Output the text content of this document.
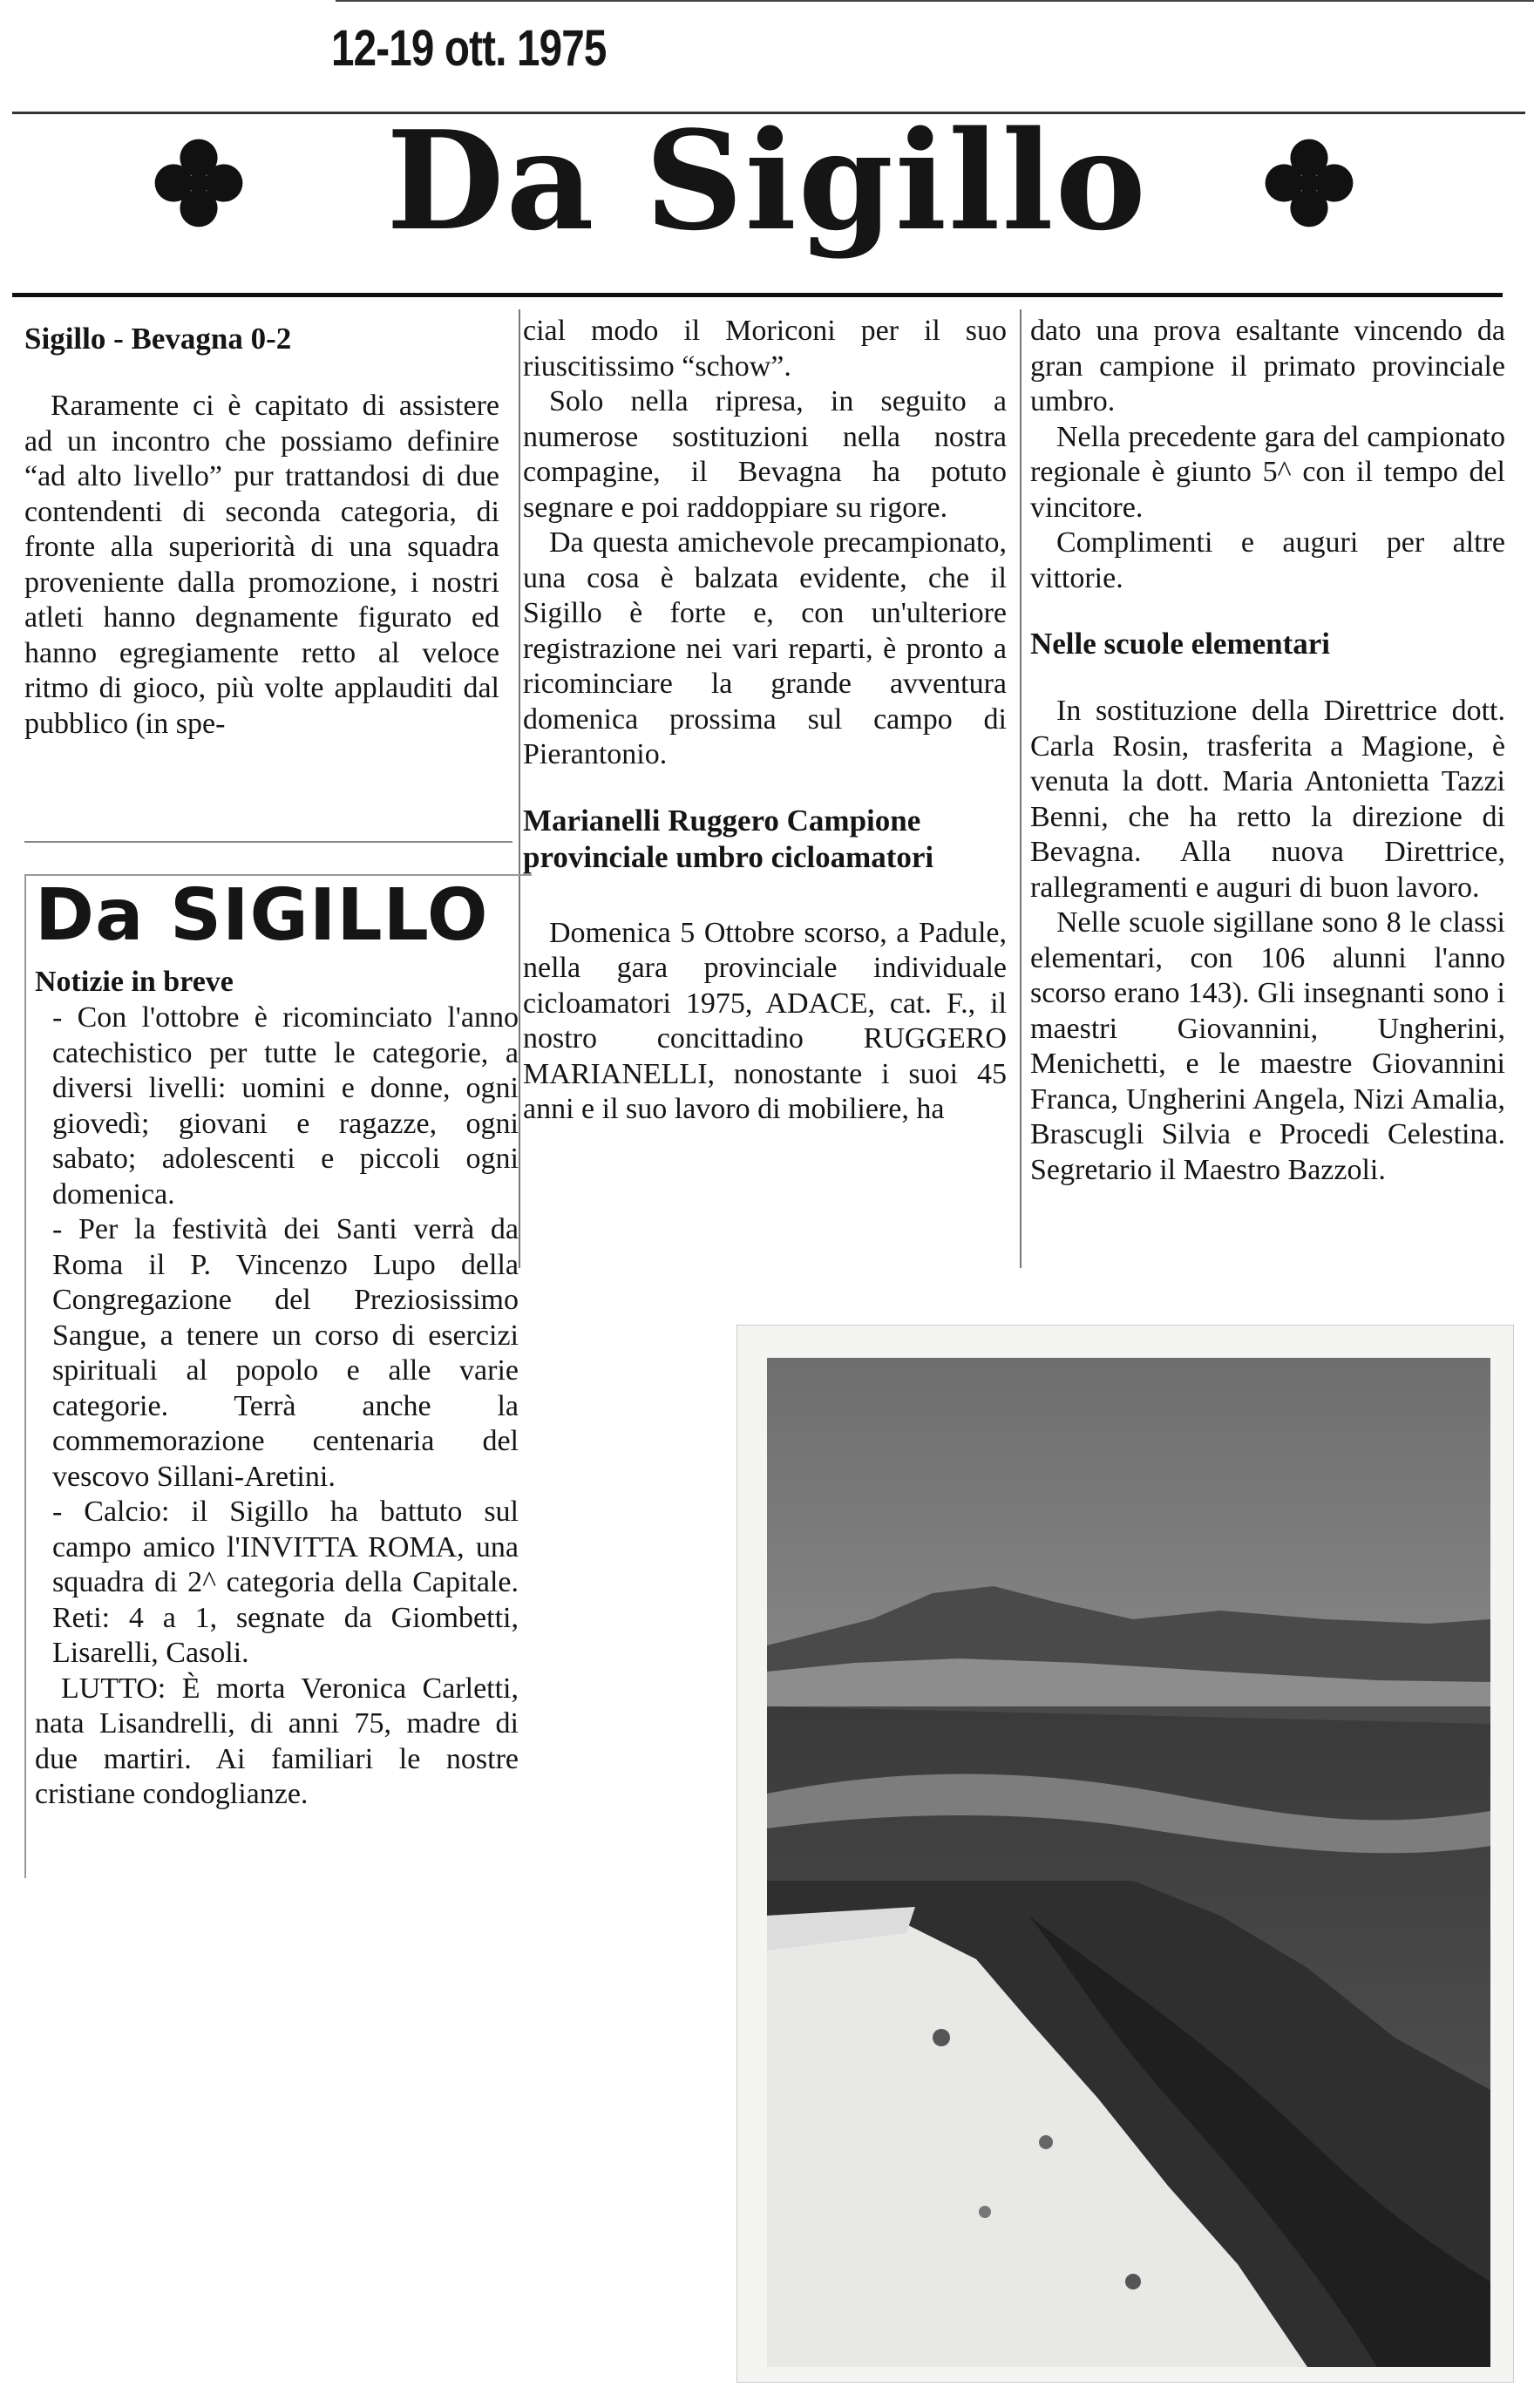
12-19 ott. 1975
Da Sigillo
Sigillo - Bevagna 0-2

Raramente ci è capitato di assistere ad un incontro che possiamo definire “ad alto livello” pur trattandosi di due contendenti di seconda categoria, di fronte alla superiorità di una squadra proveniente dalla promozione, i nostri atleti hanno degnamente figurato ed hanno egregiamente retto al veloce ritmo di gioco, più volte applauditi dal pubblico (in spe-

Da SIGILLO
Notizie in breve

- Con l'ottobre è ricominciato l'anno catechistico per tutte le categorie, a diversi livelli: uomini e donne, ogni giovedì; giovani e ragazze, ogni sabato; adolescenti e piccoli ogni domenica.

- Per la festività dei Santi verrà da Roma il P. Vincenzo Lupo della Congregazione del Preziosissimo Sangue, a tenere un corso di esercizi spirituali al popolo e alle varie categorie. Terrà anche la commemorazione centenaria del vescovo Sillani-Aretini.

- Calcio: il Sigillo ha battuto sul campo amico l'INVITTA ROMA, una squadra di 2^ categoria della Capitale. Reti: 4 a 1, segnate da Giombetti, Lisarelli, Casoli.

LUTTO: È morta Veronica Carletti, nata Lisandrelli, di anni 75, madre di due martiri. Ai familiari le nostre cristiane condoglianze.

cial modo il Moriconi per il suo riuscitissimo “schow”.

Solo nella ripresa, in seguito a numerose sostituzioni nella nostra compagine, il Bevagna ha potuto segnare e poi raddoppiare su rigore.

Da questa amichevole precampionato, una cosa è balzata evidente, che il Sigillo è forte e, con un'ulteriore registrazione nei vari reparti, è pronto a ricominciare la grande avventura domenica prossima sul campo di Pierantonio.

Marianelli Ruggero Campione provinciale umbro cicloamatori

Domenica 5 Ottobre scorso, a Padule, nella gara provinciale individuale cicloamatori 1975, ADACE, cat. F., il nostro concittadino RUGGERO MARIANELLI, nonostante i suoi 45 anni e il suo lavoro di mobiliere, ha

dato una prova esaltante vincendo da gran campione il primato provinciale umbro.

Nella precedente gara del campionato regionale è giunto 5^ con il tempo del vincitore.

Complimenti e auguri per altre vittorie.

Nelle scuole elementari

In sostituzione della Direttrice dott. Carla Rosin, trasferita a Magione, è venuta la dott. Maria Antonietta Tazzi Benni, che ha retto la direzione di Bevagna. Alla nuova Direttrice, rallegramenti e auguri di buon lavoro.

Nelle scuole sigillane sono 8 le classi elementari, con 106 alunni l'anno scorso erano 143). Gli insegnanti sono i maestri Giovannini, Ungherini, Menichetti, e le maestre Giovannini Franca, Ungherini Angela, Nizi Amalia, Brascugli Silvia e Procedi Celestina. Segretario il Maestro Bazzoli.
